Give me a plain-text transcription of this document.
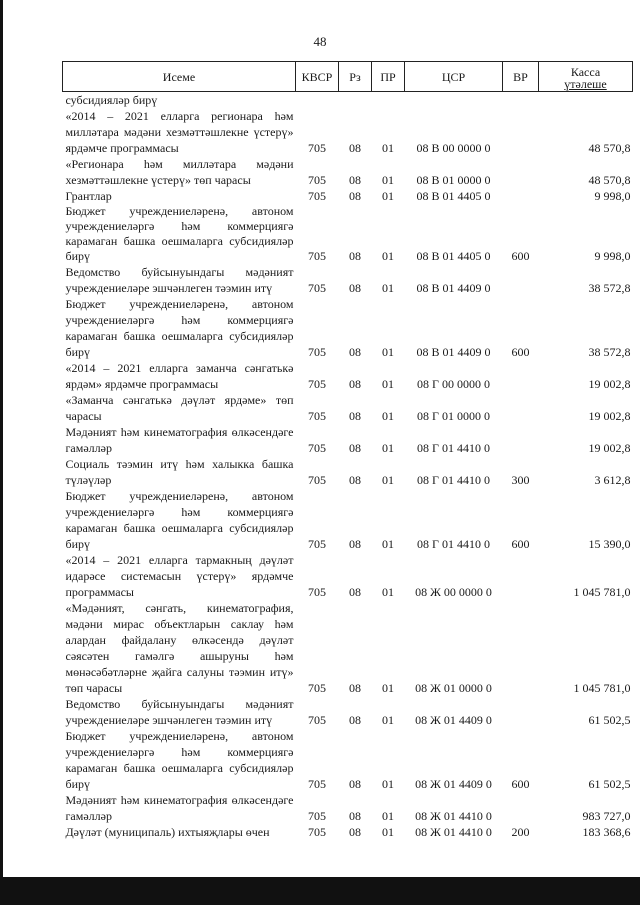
48
Исеме	КВСР	Рз	ПР	ЦСР	ВР	Касса
үтәлеше

субсидияләр бирү						
«2014 – 2021 елларга регионара һәм милләтара мәдәни хезмәттәшлекне үстерү» ярдәмче программасы	705	08	01	08 В 00 0000 0		48 570,8
«Регионара һәм милләтара мәдәни хезмәттәшлекне үстерү» төп чарасы	705	08	01	08 В 01 0000 0		48 570,8
Грантлар	705	08	01	08 В 01 4405 0		9 998,0
Бюджет учреждениеләренә, автоном учреждениеләргә һәм коммерциягә карамаган башка оешмаларга субсидияләр бирү	705	08	01	08 В 01 4405 0	600	9 998,0
Ведомство буйсынуындагы мәдәният учреждениеләре эшчәнлеген тәэмин итү	705	08	01	08 В 01 4409 0		38 572,8
Бюджет учреждениеләренә, автоном учреждениеләргә һәм коммерциягә карамаган башка оешмаларга субсидияләр бирү	705	08	01	08 В 01 4409 0	600	38 572,8
«2014 – 2021 елларга заманча сәнгатькә ярдәм» ярдәмче программасы	705	08	01	08 Г 00 0000 0		19 002,8
«Заманча сәнгатькә дәүләт ярдәме» төп чарасы	705	08	01	08 Г 01 0000 0		19 002,8
Мәдәният һәм кинематография өлкәсендәге гамәлләр	705	08	01	08 Г 01 4410 0		19 002,8
Социаль тәэмин итү һәм халыкка башка түләүләр	705	08	01	08 Г 01 4410 0	300	3 612,8
Бюджет учреждениеләренә, автоном учреждениеләргә һәм коммерциягә карамаган башка оешмаларга субсидияләр бирү	705	08	01	08 Г 01 4410 0	600	15 390,0
«2014 – 2021 елларга тармакның дәүләт идарәсе системасын үстерү» ярдәмче программасы	705	08	01	08 Ж 00 0000 0		1 045 781,0
«Мәдәният, сәнгать, кинематография, мәдәни мирас объектларын саклау һәм алардан файдалану өлкәсендә дәүләт сәясәтен гамәлгә ашыруны һәм мөнәсәбәтләрне җайга салуны тәэмин итү» төп чарасы	705	08	01	08 Ж 01 0000 0		1 045 781,0
Ведомство буйсынуындагы мәдәният учреждениеләре эшчәнлеген тәэмин итү	705	08	01	08 Ж 01 4409 0		61 502,5
Бюджет учреждениеләренә, автоном учреждениеләргә һәм коммерциягә карамаган башка оешмаларга субсидияләр бирү	705	08	01	08 Ж 01 4409 0	600	61 502,5
Мәдәният һәм кинематография өлкәсендәге гамәлләр	705	08	01	08 Ж 01 4410 0		983 727,0
Дәүләт (муниципаль) ихтыяҗлары өчен	705	08	01	08 Ж 01 4410 0	200	183 368,6
